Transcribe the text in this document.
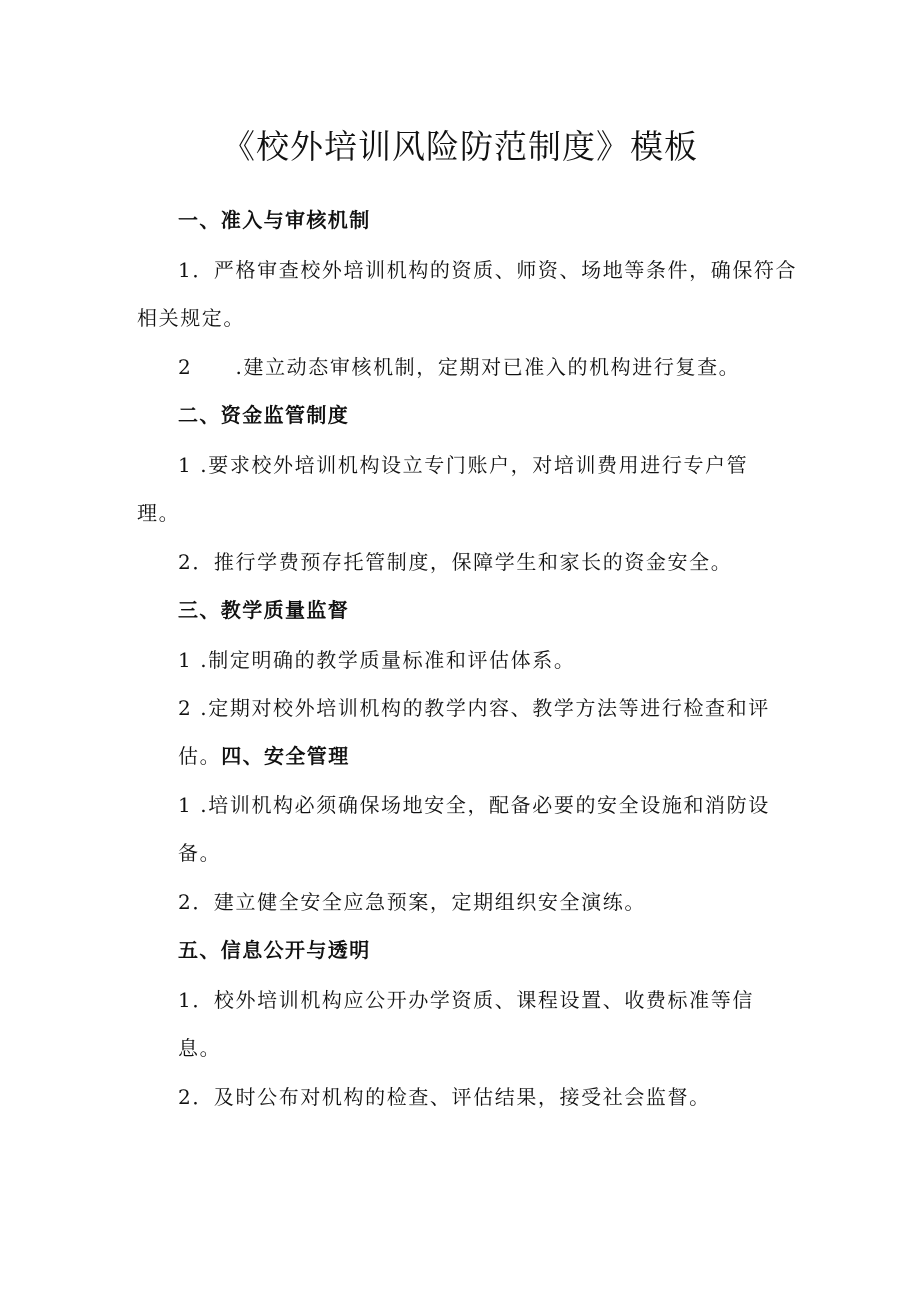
《校外培训风险防范制度》模板
一、准入与审核机制
1．严格审查校外培训机构的资质、师资、场地等条件，确保符合
相关规定。
2　　.建立动态审核机制，定期对已准入的机构进行复查。
二、资金监管制度
1 .要求校外培训机构设立专门账户，对培训费用进行专户管
理。
2．推行学费预存托管制度，保障学生和家长的资金安全。
三、教学质量监督
1 .制定明确的教学质量标准和评估体系。
2 .定期对校外培训机构的教学内容、教学方法等进行检查和评
估。四、安全管理
1 .培训机构必须确保场地安全，配备必要的安全设施和消防设
备。
2．建立健全安全应急预案，定期组织安全演练。
五、信息公开与透明
1．校外培训机构应公开办学资质、课程设置、收费标准等信
息。
2．及时公布对机构的检查、评估结果，接受社会监督。
